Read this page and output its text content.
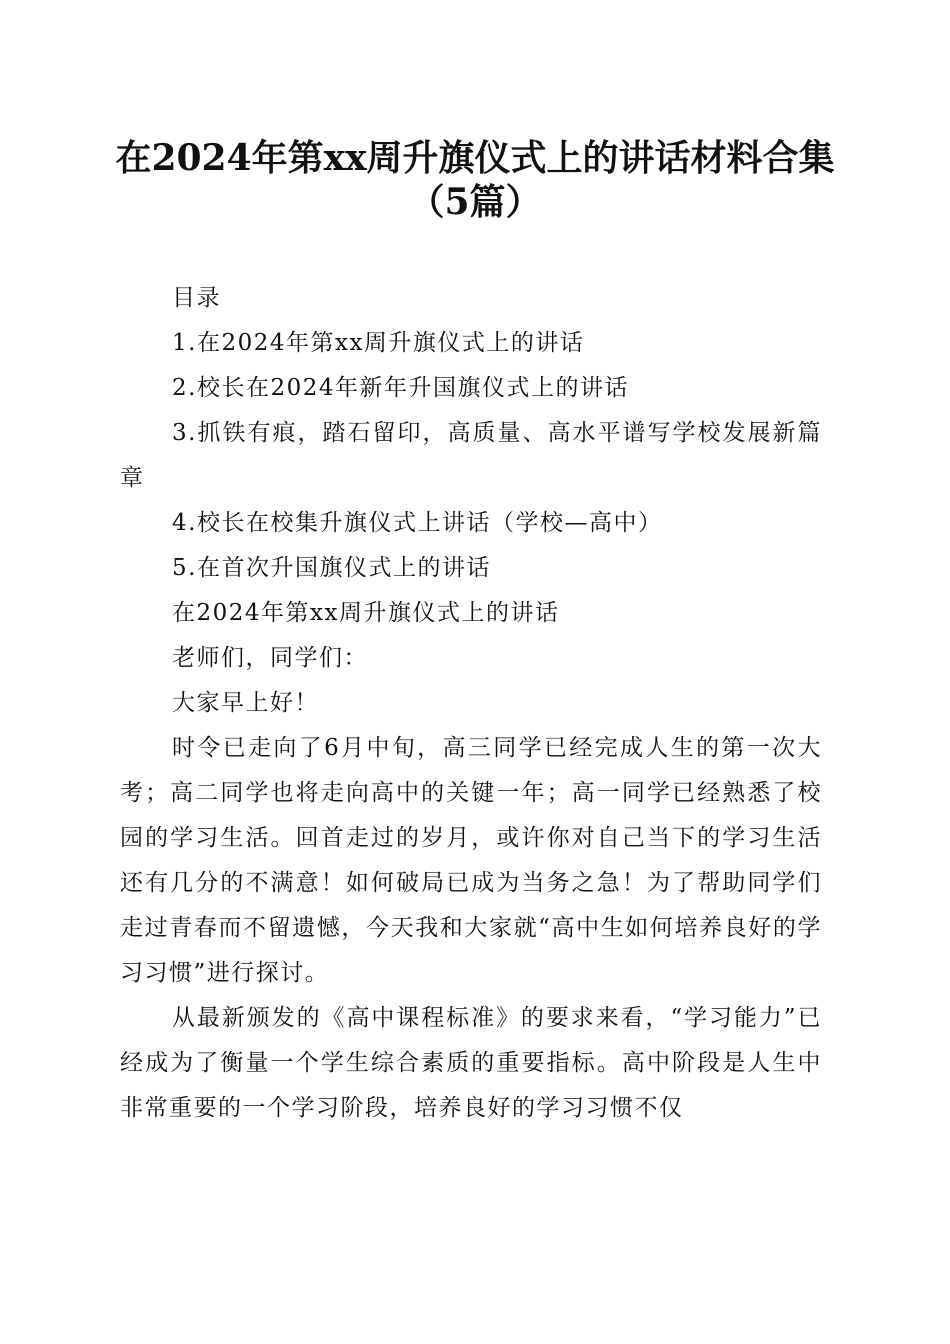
在2024年第xx周升旗仪式上的讲话材料合集
（5篇）

目录

1.在2024年第xx周升旗仪式上的讲话

2.校长在2024年新年升国旗仪式上的讲话

3.抓铁有痕，踏石留印，高质量、高水平谱写学校发展新篇章

4.校长在校集升旗仪式上讲话（学校—高中）

5.在首次升国旗仪式上的讲话

在2024年第xx周升旗仪式上的讲话

老师们，同学们：

大家早上好！

时令已走向了6月中旬，高三同学已经完成人生的第一次大考；高二同学也将走向高中的关键一年；高一同学已经熟悉了校园的学习生活。回首走过的岁月，或许你对自己当下的学习生活还有几分的不满意！如何破局已成为当务之急！为了帮助同学们走过青春而不留遗憾，今天我和大家就“高中生如何培养良好的学习习惯”进行探讨。

从最新颁发的《高中课程标准》的要求来看，“学习能力”已经成为了衡量一个学生综合素质的重要指标。高中阶段是人生中非常重要的一个学习阶段，培养良好的学习习惯不仅
